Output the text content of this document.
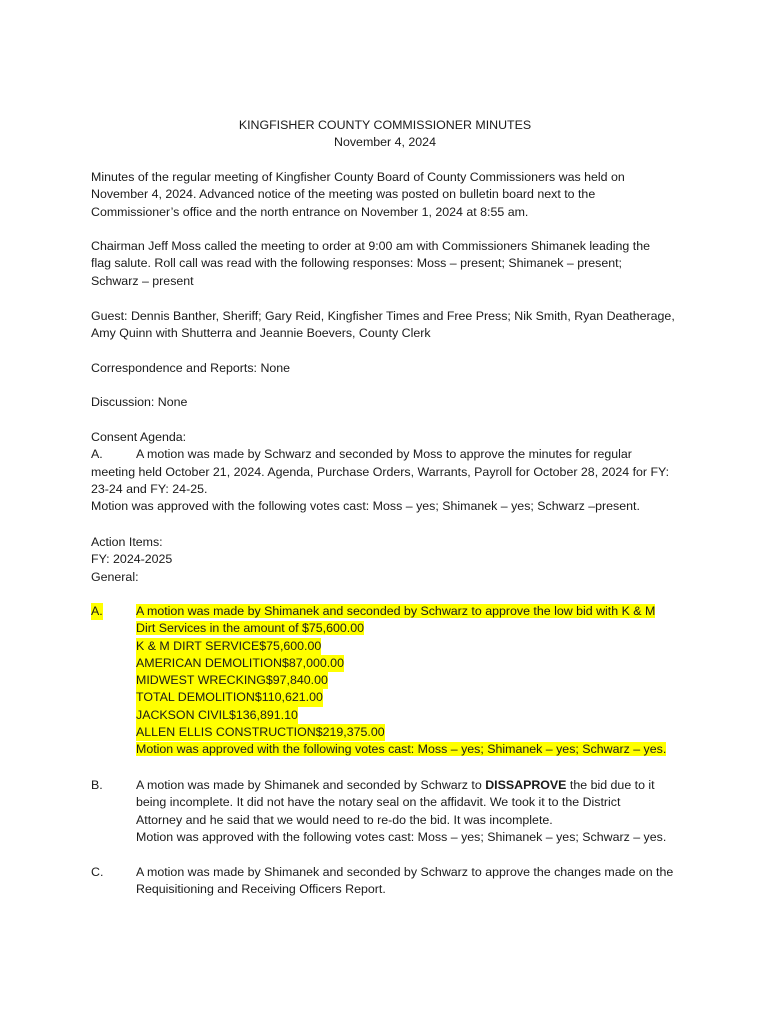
KINGFISHER COUNTY COMMISSIONER MINUTES
November 4, 2024
Minutes of the regular meeting of Kingfisher County Board of County Commissioners was held on
November 4, 2024. Advanced notice of the meeting was posted on bulletin board next to the
Commissioner’s office and the north entrance on November 1, 2024 at 8:55 am.
Chairman Jeff Moss called the meeting to order at 9:00 am with Commissioners Shimanek leading the
flag salute. Roll call was read with the following responses: Moss – present; Shimanek – present;
Schwarz – present
Guest: Dennis Banther, Sheriff; Gary Reid, Kingfisher Times and Free Press; Nik Smith, Ryan Deatherage,
Amy Quinn with Shutterra and Jeannie Boevers, County Clerk
Correspondence and Reports: None
Discussion: None
Consent Agenda:
A.	A motion was made by Schwarz and seconded by Moss to approve the minutes for regular
meeting held October 21, 2024. Agenda, Purchase Orders, Warrants, Payroll for October 28, 2024 for FY:
23-24 and FY: 24-25.
Motion was approved with the following votes cast: Moss – yes; Shimanek – yes; Schwarz –present.
Action Items:
FY: 2024-2025
General:
A.	A motion was made by Shimanek and seconded by Schwarz to approve the low bid with K & M
Dirt Services in the amount of $75,600.00
K & M DIRT SERVICE $75,600.00
AMERICAN DEMOLITION $87,000.00
MIDWEST WRECKING $97,840.00
TOTAL DEMOLITION $110,621.00
JACKSON CIVIL $136,891.10
ALLEN ELLIS CONSTRUCTION $219,375.00
Motion was approved with the following votes cast: Moss – yes; Shimanek – yes; Schwarz – yes.
B.	A motion was made by Shimanek and seconded by Schwarz to DISSAPROVE the bid due to it
being incomplete. It did not have the notary seal on the affidavit. We took it to the District
Attorney and he said that we would need to re-do the bid. It was incomplete.
Motion was approved with the following votes cast: Moss – yes; Shimanek – yes; Schwarz – yes.
C.	A motion was made by Shimanek and seconded by Schwarz to approve the changes made on the
Requisitioning and Receiving Officers Report.
